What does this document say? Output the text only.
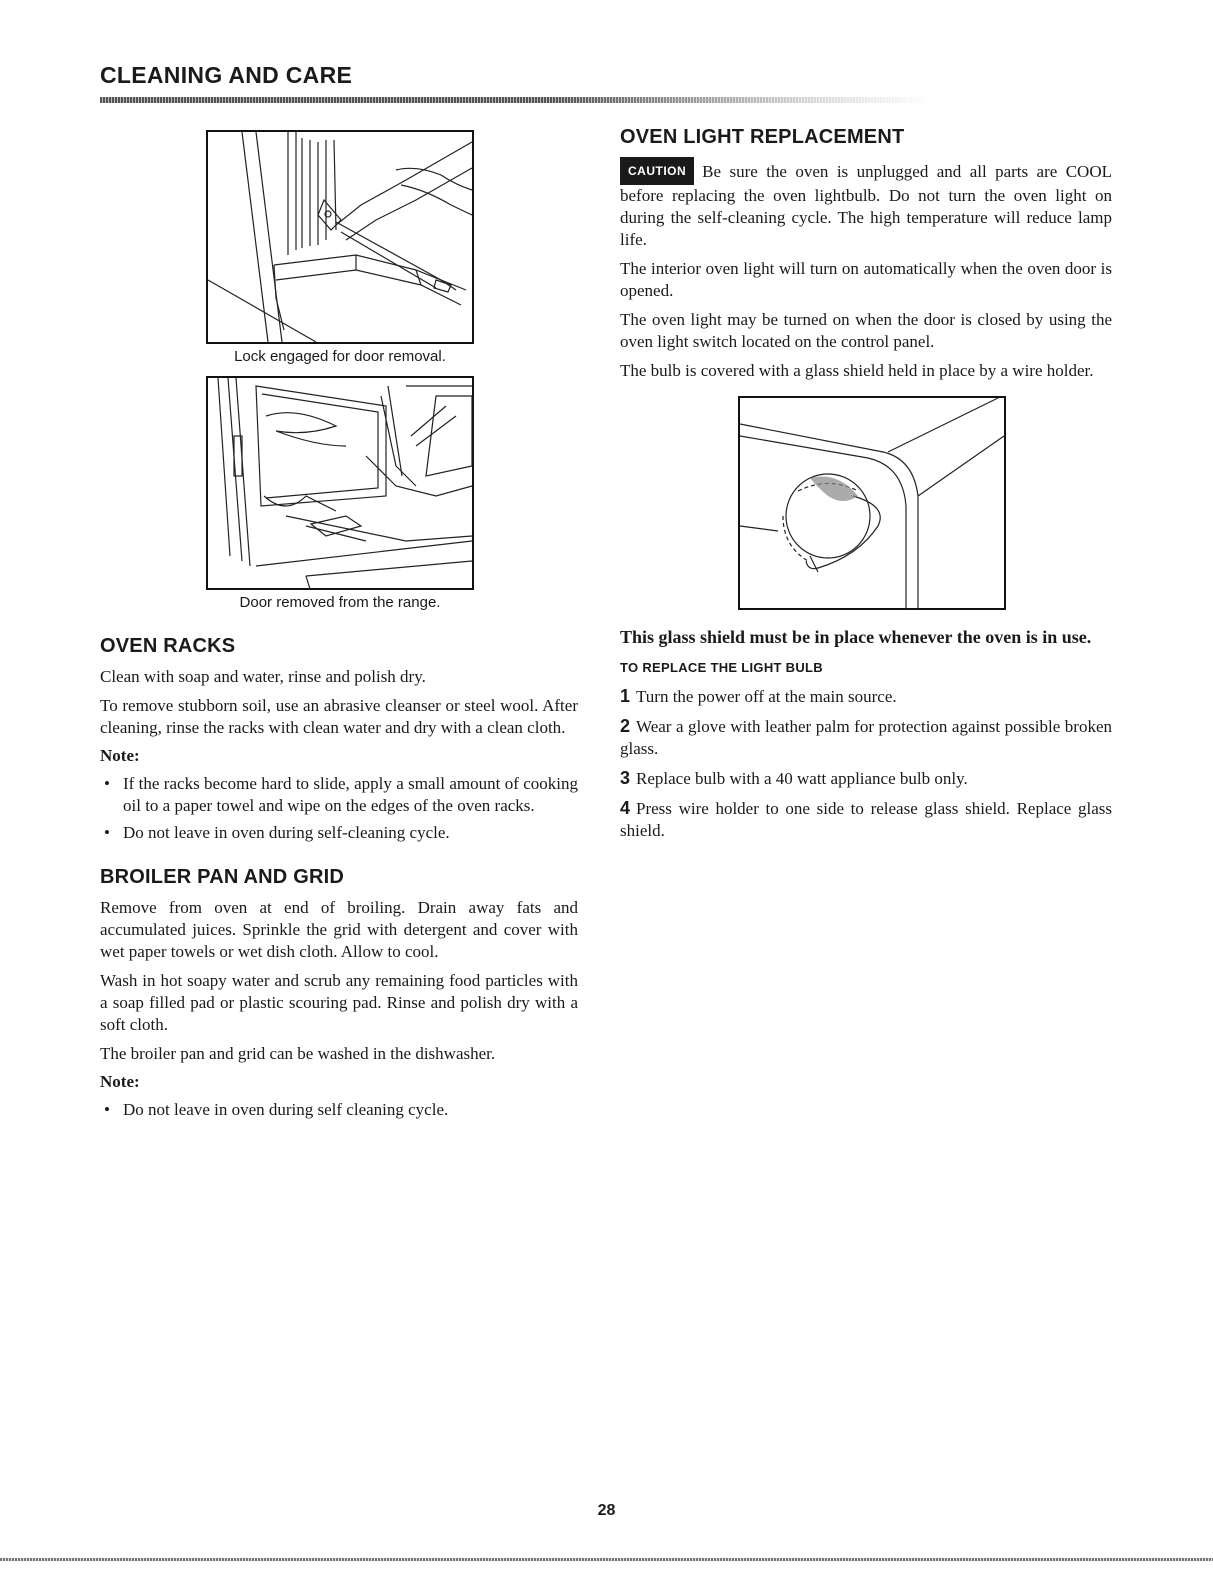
CLEANING AND CARE

Lock engaged for door removal.

Door removed from the range.

OVEN RACKS

Clean with soap and water, rinse and polish dry.

To remove stubborn soil, use an abrasive cleanser or steel wool. After cleaning, rinse the racks with clean water and dry with a clean cloth.

Note:

• If the racks become hard to slide, apply a small amount of cooking oil to a paper towel and wipe on the edges of the oven racks.
• Do not leave in oven during self-cleaning cycle.
BROILER PAN AND GRID

Remove from oven at end of broiling. Drain away fats and accumulated juices. Sprinkle the grid with detergent and cover with wet paper towels or wet dish cloth. Allow to cool.

Wash in hot soapy water and scrub any remaining food particles with a soap filled pad or plastic scouring pad. Rinse and polish dry with a soft cloth.

The broiler pan and grid can be washed in the dishwasher.

Note:

• Do not leave in oven during self cleaning cycle.
OVEN LIGHT REPLACEMENT

CAUTION Be sure the oven is unplugged and all parts are COOL before replacing the oven lightbulb. Do not turn the oven light on during the self-cleaning cycle. The high temperature will reduce lamp life.

The interior oven light will turn on automatically when the oven door is opened.

The oven light may be turned on when the door is closed by using the oven light switch located on the control panel.

The bulb is covered with a glass shield held in place by a wire holder.

This glass shield must be in place whenever the oven is in use.

TO REPLACE THE LIGHT BULB

1 Turn the power off at the main source.

2 Wear a glove with leather palm for protection against possible broken glass.

3 Replace bulb with a 40 watt appliance bulb only.

4 Press wire holder to one side to release glass shield. Replace glass shield.

28
